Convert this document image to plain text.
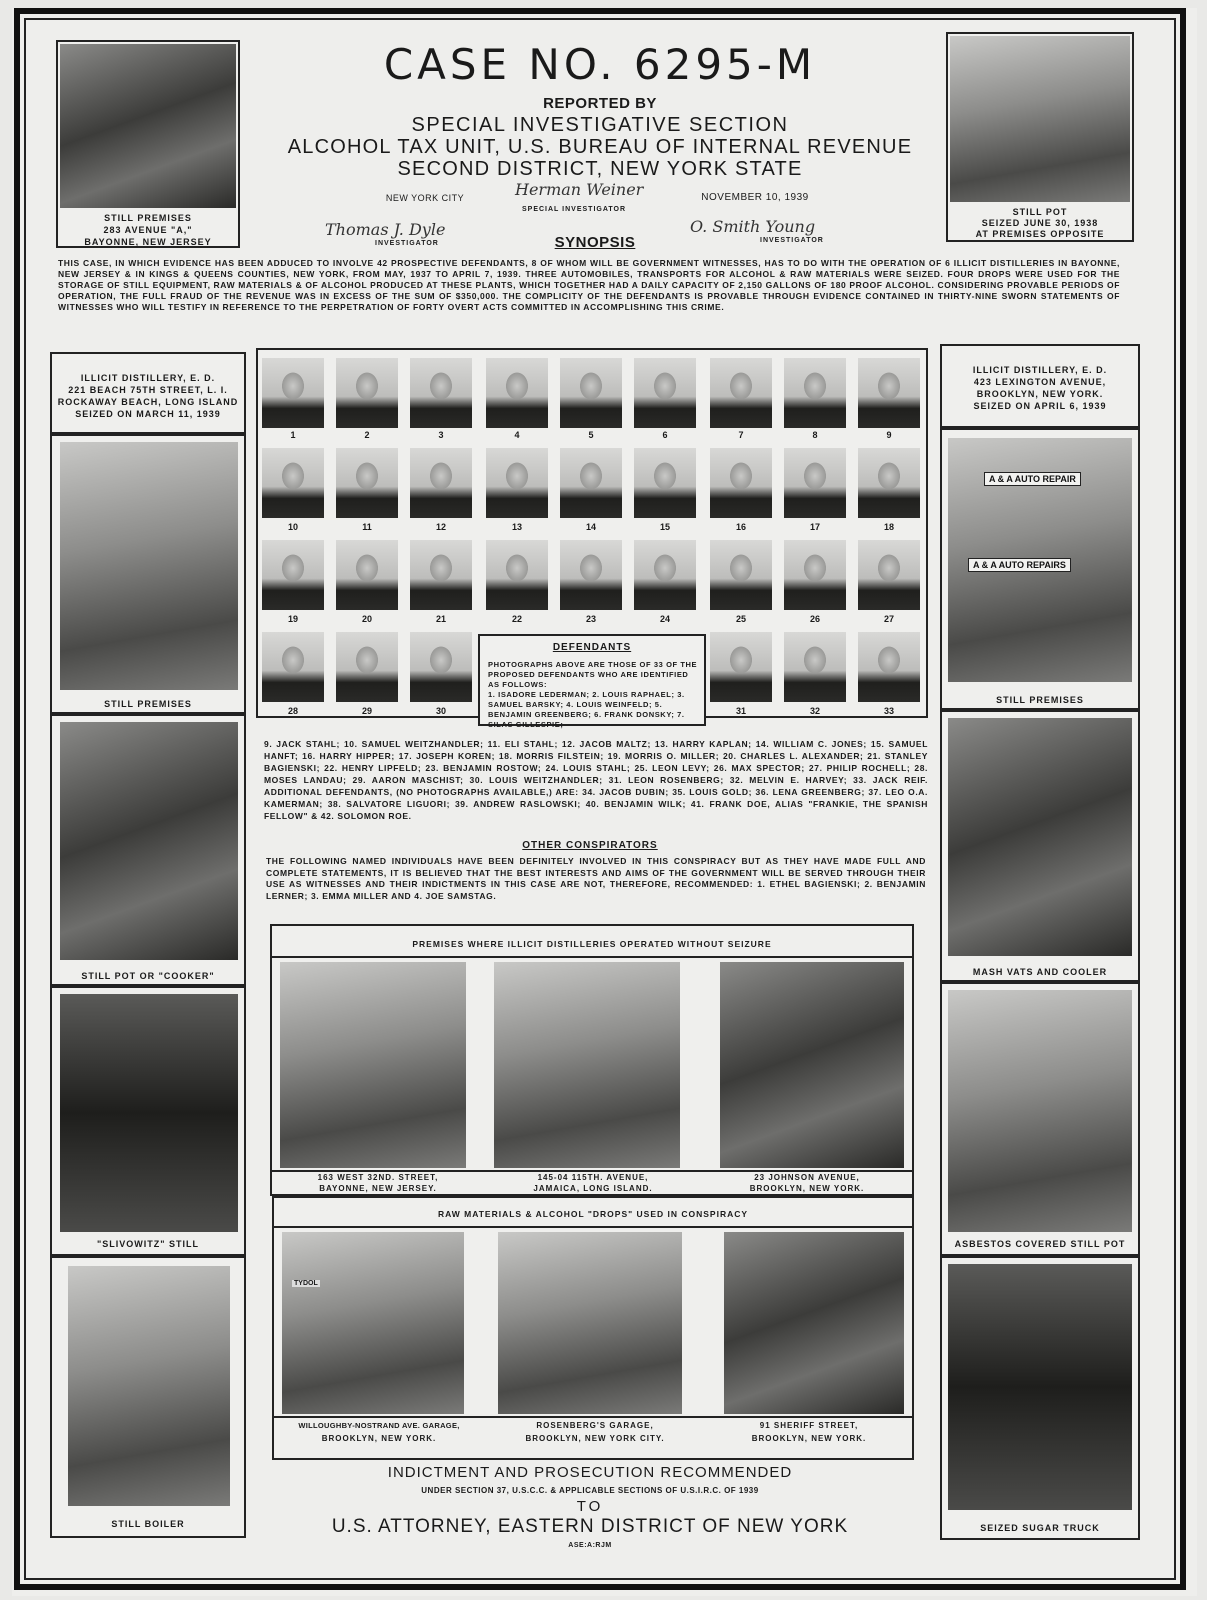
CASE NO. 6295-M
REPORTED BY
SPECIAL INVESTIGATIVE SECTION
ALCOHOL TAX UNIT, U.S. BUREAU OF INTERNAL REVENUE
SECOND DISTRICT, NEW YORK STATE
NEW YORK CITY	Herman Weiner
SPECIAL INVESTIGATOR
NOVEMBER 10, 1939
Thomas J. Dyle
INVESTIGATOR	SYNOPSIS
O. Smith Young
INVESTIGATOR
STILL PREMISES
283 AVENUE "A,"
BAYONNE, NEW JERSEY
STILL POT
SEIZED JUNE 30, 1938
AT PREMISES OPPOSITE
THIS CASE, IN WHICH EVIDENCE HAS BEEN ADDUCED TO INVOLVE 42 PROSPECTIVE DEFENDANTS, 8 OF WHOM WILL BE GOVERNMENT WITNESSES, HAS TO DO WITH THE OPERATION OF 6 ILLICIT DISTILLERIES IN BAYONNE, NEW JERSEY & IN KINGS & QUEENS COUNTIES, NEW YORK, FROM MAY, 1937 TO APRIL 7, 1939. THREE AUTOMOBILES, TRANSPORTS FOR ALCOHOL & RAW MATERIALS WERE SEIZED. FOUR DROPS WERE USED FOR THE STORAGE OF STILL EQUIPMENT, RAW MATERIALS & OF ALCOHOL PRODUCED AT THESE PLANTS, WHICH TOGETHER HAD A DAILY CAPACITY OF 2,150 GALLONS OF 180 PROOF ALCOHOL. CONSIDERING PROVABLE PERIODS OF OPERATION, THE FULL FRAUD OF THE REVENUE WAS IN EXCESS OF THE SUM OF $350,000. THE COMPLICITY OF THE DEFENDANTS IS PROVABLE THROUGH EVIDENCE CONTAINED IN THIRTY-NINE SWORN STATEMENTS OF WITNESSES WHO WILL TESTIFY IN REFERENCE TO THE PERPETRATION OF FORTY OVERT ACTS COMMITTED IN ACCOMPLISHING THIS CRIME.
ILLICIT DISTILLERY, E. D.
221 BEACH 75TH STREET, L. I.
ROCKAWAY BEACH, LONG ISLAND
SEIZED ON MARCH 11, 1939
STILL PREMISES
STILL POT OR "COOKER"
"SLIVOWITZ" STILL
STILL BOILER
ILLICIT DISTILLERY, E. D.
423 LEXINGTON AVENUE,
BROOKLYN, NEW YORK.
SEIZED ON APRIL 6, 1939
A & A AUTO REPAIR
A & A AUTO REPAIRS
STILL PREMISES
MASH VATS AND COOLER
ASBESTOS COVERED STILL POT
SEIZED SUGAR TRUCK
1	2	3	4	5	6	7	8	9
10	11	12	13	14	15	16	17	18
19	20	21	22	23	24	25	26	27
28	29	30	31	32	33
DEFENDANTS
PHOTOGRAPHS ABOVE ARE THOSE OF 33 OF THE PROPOSED DEFENDANTS WHO ARE IDENTIFIED AS FOLLOWS:
1. ISADORE LEDERMAN; 2. LOUIS RAPHAEL; 3. SAMUEL BARSKY; 4. LOUIS WEINFELD; 5. BENJAMIN GREENBERG; 6. FRANK DONSKY; 7. SILAS GILLESPIE;
9. JACK STAHL; 10. SAMUEL WEITZHANDLER; 11. ELI STAHL; 12. JACOB MALTZ; 13. HARRY KAPLAN; 14. WILLIAM C. JONES; 15. SAMUEL HANFT; 16. HARRY HIPPER; 17. JOSEPH KOREN; 18. MORRIS FILSTEIN; 19. MORRIS O. MILLER; 20. CHARLES L. ALEXANDER; 21. STANLEY BAGIENSKI; 22. HENRY LIPFELD; 23. BENJAMIN ROSTOW; 24. LOUIS STAHL; 25. LEON LEVY; 26. MAX SPECTOR; 27. PHILIP ROCHELL; 28. MOSES LANDAU; 29. AARON MASCHIST; 30. LOUIS WEITZHANDLER; 31. LEON ROSENBERG; 32. MELVIN E. HARVEY; 33. JACK REIF. ADDITIONAL DEFENDANTS, (NO PHOTOGRAPHS AVAILABLE,) ARE: 34. JACOB DUBIN; 35. LOUIS GOLD; 36. LENA GREENBERG; 37. LEO O.A. KAMERMAN; 38. SALVATORE LIGUORI; 39. ANDREW RASLOWSKI; 40. BENJAMIN WILK; 41. FRANK DOE, ALIAS "FRANKIE, THE SPANISH FELLOW" & 42. SOLOMON ROE.
OTHER CONSPIRATORS
THE FOLLOWING NAMED INDIVIDUALS HAVE BEEN DEFINITELY INVOLVED IN THIS CONSPIRACY BUT AS THEY HAVE MADE FULL AND COMPLETE STATEMENTS, IT IS BELIEVED THAT THE BEST INTERESTS AND AIMS OF THE GOVERNMENT WILL BE SERVED THROUGH THEIR USE AS WITNESSES AND THEIR INDICTMENTS IN THIS CASE ARE NOT, THEREFORE, RECOMMENDED: 1. ETHEL BAGIENSKI; 2. BENJAMIN LERNER; 3. EMMA MILLER AND 4. JOE SAMSTAG.
PREMISES WHERE ILLICIT DISTILLERIES OPERATED WITHOUT SEIZURE
163 WEST 32ND. STREET,
BAYONNE, NEW JERSEY.
145-04 115TH. AVENUE,
JAMAICA, LONG ISLAND.
23 JOHNSON AVENUE,
BROOKLYN, NEW YORK.
RAW MATERIALS & ALCOHOL "DROPS" USED IN CONSPIRACY
TYDOL
WILLOUGHBY-NOSTRAND AVE. GARAGE,
BROOKLYN, NEW YORK.
ROSENBERG'S GARAGE,
BROOKLYN, NEW YORK CITY.
91 SHERIFF STREET,
BROOKLYN, NEW YORK.
INDICTMENT AND PROSECUTION RECOMMENDED
UNDER SECTION 37, U.S.C.C. & APPLICABLE SECTIONS OF U.S.I.R.C. OF 1939
TO
U.S. ATTORNEY, EASTERN DISTRICT OF NEW YORK
ASE:A:RJM
